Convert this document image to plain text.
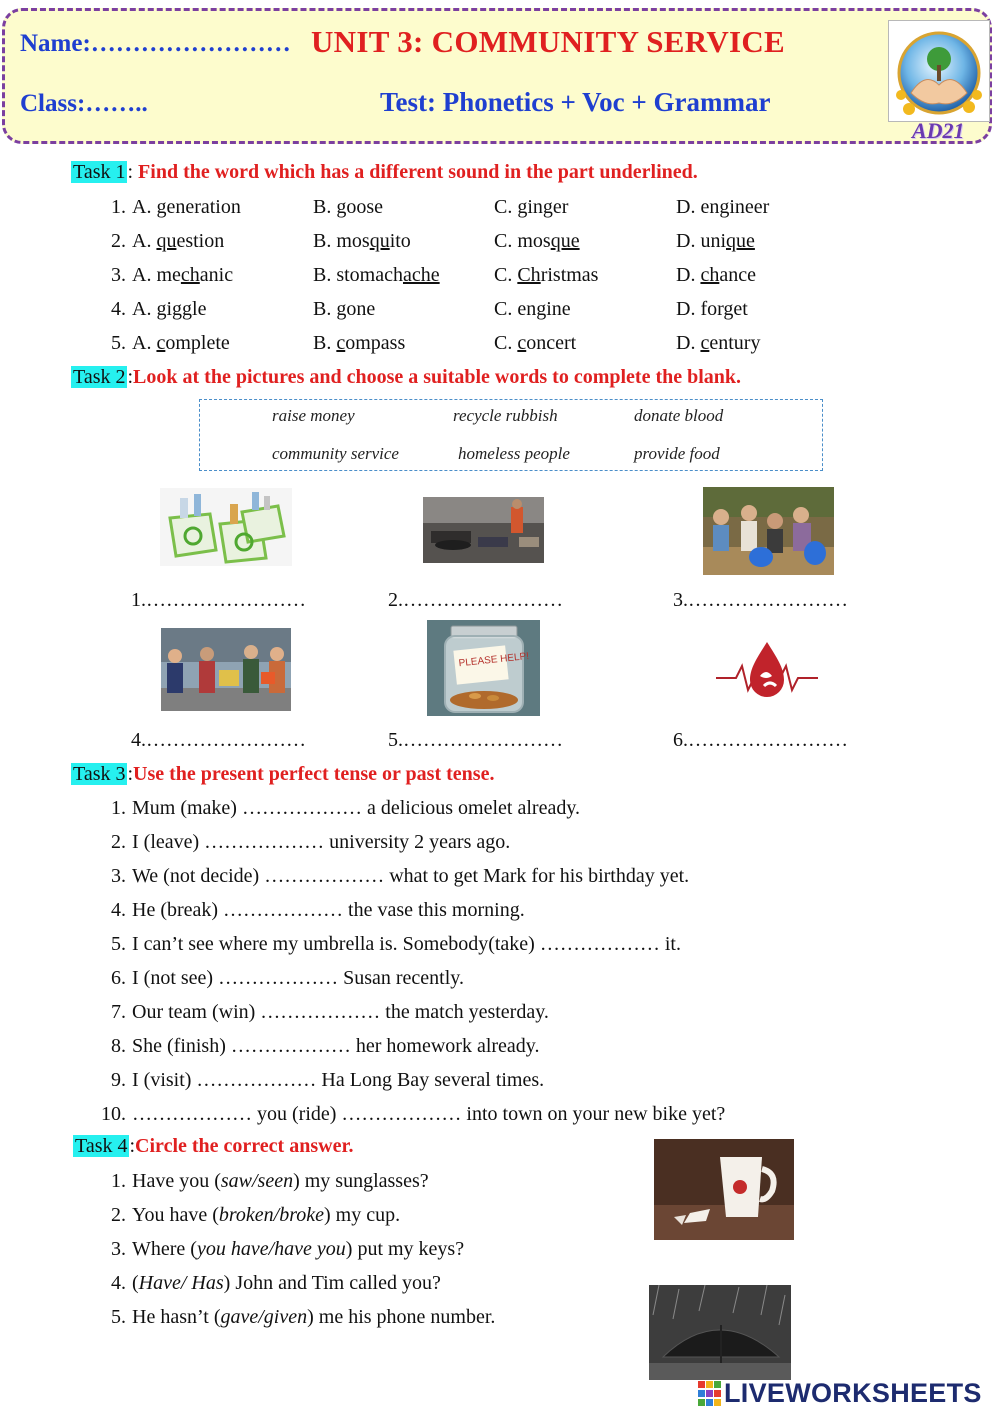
Name:…………………… UNIT 3: COMMUNITY SERVICE
Class:……..	Test: Phonetics + Voc + Grammar
AD21
Task 1 : Find the word which has a different sound in the part underlined.
1. A. generation	B. goose	C. ginger	D. engineer
2. A. question	B. mosquito	C. mosque	D. unique
3. A. mechanic	B. stomachache	C. Christmas	D. chance
4. A. giggle	B. gone	C. engine	D. forget
5. A. complete	B. compass	C. concert	D. century
Task 2 :Look at the pictures and choose a suitable words to complete the blank.
raise money	recycle rubbish	donate blood
community service	homeless people	provide food
1.……………………	2.……………………	3.……………………
PLEASE HELP!
4.……………………	5.……………………	6.……………………
Task 3 :Use the present perfect tense or past tense.
1. Mum (make) ……………… a delicious omelet already.
2. I (leave) ……………… university 2 years ago.
3. We (not decide) ……………… what to get Mark for his birthday yet.
4. He (break) ……………… the vase this morning.
5. I can’t see where my umbrella is. Somebody(take) ……………… it.
6. I (not see) ……………… Susan recently.
7. Our team (win) ……………… the match yesterday.
8. She (finish) ……………… her homework already.
9. I (visit) ……………… Ha Long Bay several times.
10. ……………… you (ride) ……………… into town on your new bike yet?
Task 4 :Circle the correct answer.
1. Have you (saw/seen) my sunglasses?
2. You have (broken/broke) my cup.
3. Where (you have/have you) put my keys?
4. (Have/ Has) John and Tim called you?
5. He hasn’t (gave/given) me his phone number.
LIVEWORKSHEETS
